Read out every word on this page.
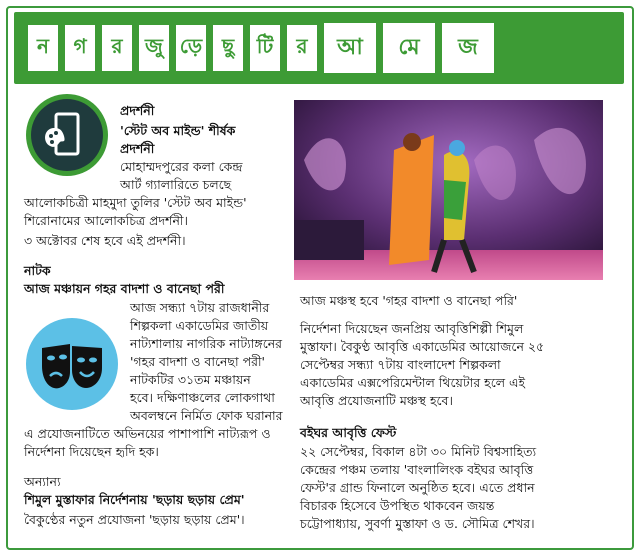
ন	গ	র	জু ড়ে ছু	টি	র	আ	মে	জ
প্রদর্শনী
'স্টেট অব মাইন্ড' শীর্ষক
প্রদর্শনী
মোহাম্মদপুরের কলা কেন্দ্র
আর্ট গ্যালারিতে চলছে
আলোকচিত্রী মাহমুদা তুলির 'স্টেট অব মাইন্ড'
শিরোনামের আলোকচিত্র প্রদর্শনী।
৩ অক্টোবর শেষ হবে এই প্রদর্শনী।
নাটক
আজ মঞ্চায়ন গহর বাদশা ও বানেছা পরী
আজ সন্ধ্যা ৭টায় রাজধানীর
শিল্পকলা একাডেমির জাতীয়
নাট্যশালায় নাগরিক নাট্যাঙ্গনের
'গহর বাদশা ও বানেছা পরী'
নাটকটির ৩১তম মঞ্চায়ন
হবে। দক্ষিণাঞ্চলের লোকগাথা
অবলম্বনে নির্মিত ফোক ঘরানার
এ প্রযোজনাটিতে অভিনয়ের পাশাপাশি নাট্যরূপ ও
নির্দেশনা দিয়েছেন হৃদি হক।
অন্যান্য
শিমুল মুস্তাফার নির্দেশনায় 'ছড়ায় ছড়ায় প্রেম'
বৈকুণ্ঠের নতুন প্রযোজনা 'ছড়ায় ছড়ায় প্রেম'।
আজ মঞ্চস্থ হবে 'গহর বাদশা ও বানেছা পরি'
নির্দেশনা দিয়েছেন জনপ্রিয় আবৃত্তিশিল্পী শিমুল
মুস্তাফা। বৈকুণ্ঠ আবৃত্তি একাডেমির আয়োজনে ২৫
সেপ্টেম্বর সন্ধ্যা ৭টায় বাংলাদেশ শিল্পকলা
একাডেমির এক্সপেরিমেন্টাল থিয়েটার হলে এই
আবৃত্তি প্রযোজনাটি মঞ্চস্থ হবে।
বইঘর আবৃত্তি ফেস্ট
২২ সেপ্টেম্বর, বিকাল ৪টা ৩০ মিনিট বিশ্বসাহিত্য
কেন্দ্রের পঞ্চম তলায় 'বাংলালিংক বইঘর আবৃত্তি
ফেস্ট'র গ্রান্ড ফিনালে অনুষ্ঠিত হবে। এতে প্রধান
বিচারক হিসেবে উপস্থিত থাকবেন জয়ন্ত
চট্টোপাধ্যায়, সুবর্ণা মুস্তাফা ও ড. সৌমিত্র শেখর।
